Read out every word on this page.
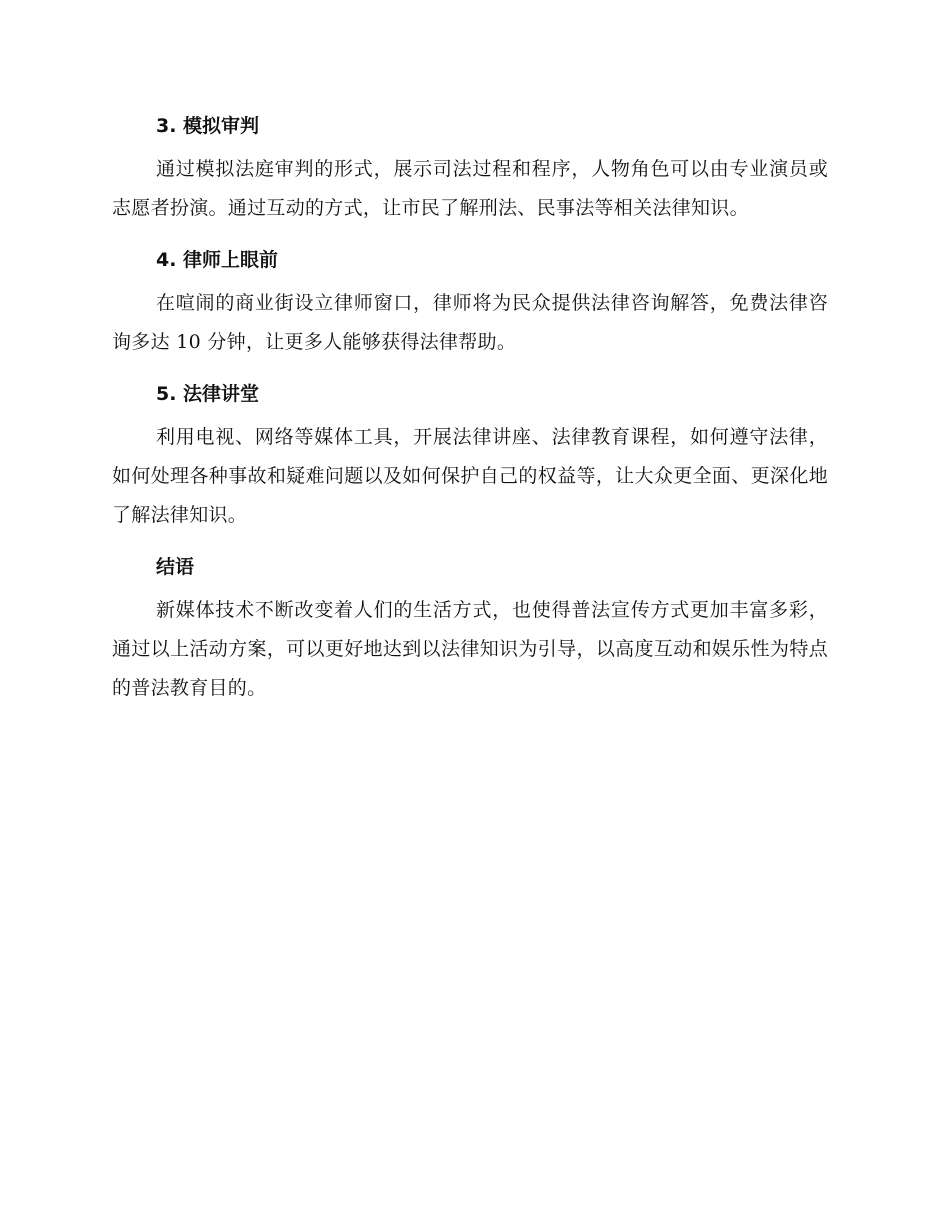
3. 模拟审判

通过模拟法庭审判的形式，展示司法过程和程序，人物角色可以由专业演员或志愿者扮演。通过互动的方式，让市民了解刑法、民事法等相关法律知识。

4. 律师上眼前

在喧闹的商业街设立律师窗口，律师将为民众提供法律咨询解答，免费法律咨询多达 10 分钟，让更多人能够获得法律帮助。

5. 法律讲堂

利用电视、网络等媒体工具，开展法律讲座、法律教育课程，如何遵守法律，如何处理各种事故和疑难问题以及如何保护自己的权益等，让大众更全面、更深化地了解法律知识。

结语

新媒体技术不断改变着人们的生活方式，也使得普法宣传方式更加丰富多彩，通过以上活动方案，可以更好地达到以法律知识为引导，以高度互动和娱乐性为特点的普法教育目的。
